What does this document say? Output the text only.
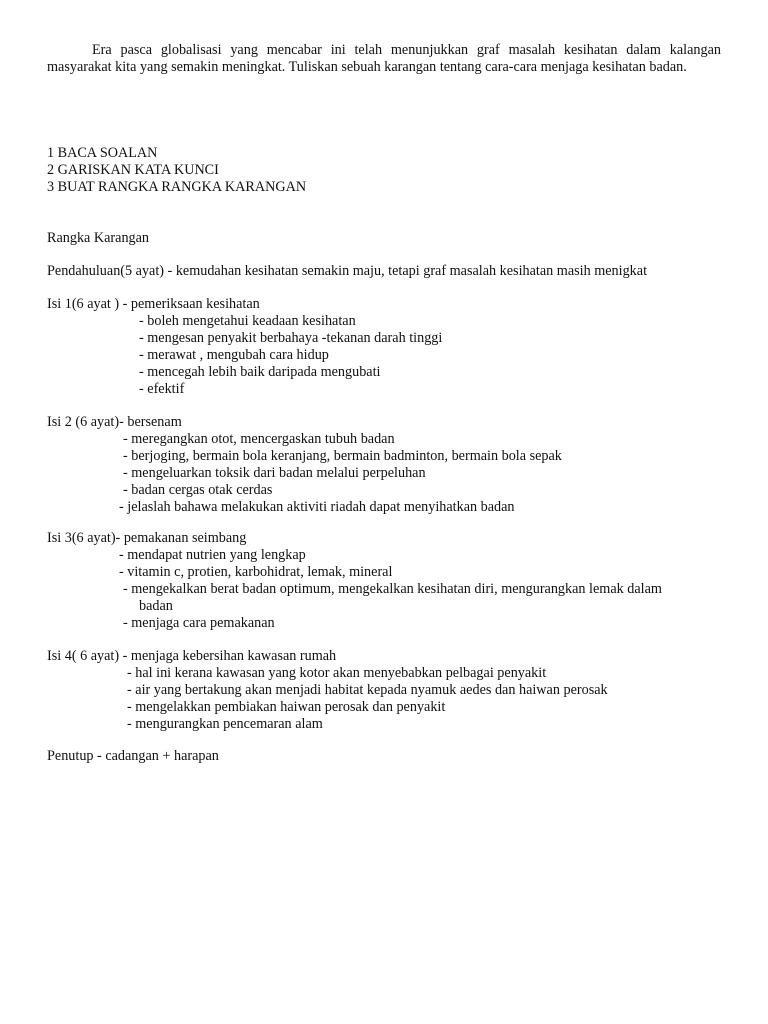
Era pasca globalisasi yang mencabar ini telah menunjukkan graf masalah kesihatan dalam kalangan masyarakat kita yang semakin meningkat. Tuliskan sebuah karangan tentang cara-cara menjaga kesihatan badan.

1 BACA SOALAN

2 GARISKAN KATA KUNCI

3 BUAT RANGKA RANGKA KARANGAN

Rangka Karangan

Pendahuluan(5 ayat) - kemudahan kesihatan semakin maju, tetapi graf masalah kesihatan masih menigkat

Isi 1(6 ayat ) - pemeriksaan kesihatan

- boleh mengetahui keadaan kesihatan

- mengesan penyakit berbahaya -tekanan darah tinggi

- merawat , mengubah cara hidup

- mencegah lebih baik daripada mengubati

- efektif

Isi 2 (6 ayat)- bersenam

- meregangkan otot, mencergaskan tubuh badan

- berjoging, bermain bola keranjang, bermain badminton, bermain bola sepak

- mengeluarkan toksik dari badan melalui perpeluhan

- badan cergas otak cerdas

- jelaslah bahawa melakukan aktiviti riadah dapat menyihatkan badan

Isi 3(6 ayat)- pemakanan seimbang

- mendapat nutrien yang lengkap

- vitamin c, protien, karbohidrat, lemak, mineral

- mengekalkan berat badan optimum, mengekalkan kesihatan diri, mengurangkan lemak dalam

badan

- menjaga cara pemakanan

Isi 4( 6 ayat) - menjaga kebersihan kawasan rumah

- hal ini kerana kawasan yang kotor akan menyebabkan pelbagai penyakit

- air yang bertakung akan menjadi habitat kepada nyamuk aedes dan haiwan perosak

- mengelakkan pembiakan haiwan perosak dan penyakit

- mengurangkan pencemaran alam

Penutup - cadangan + harapan
